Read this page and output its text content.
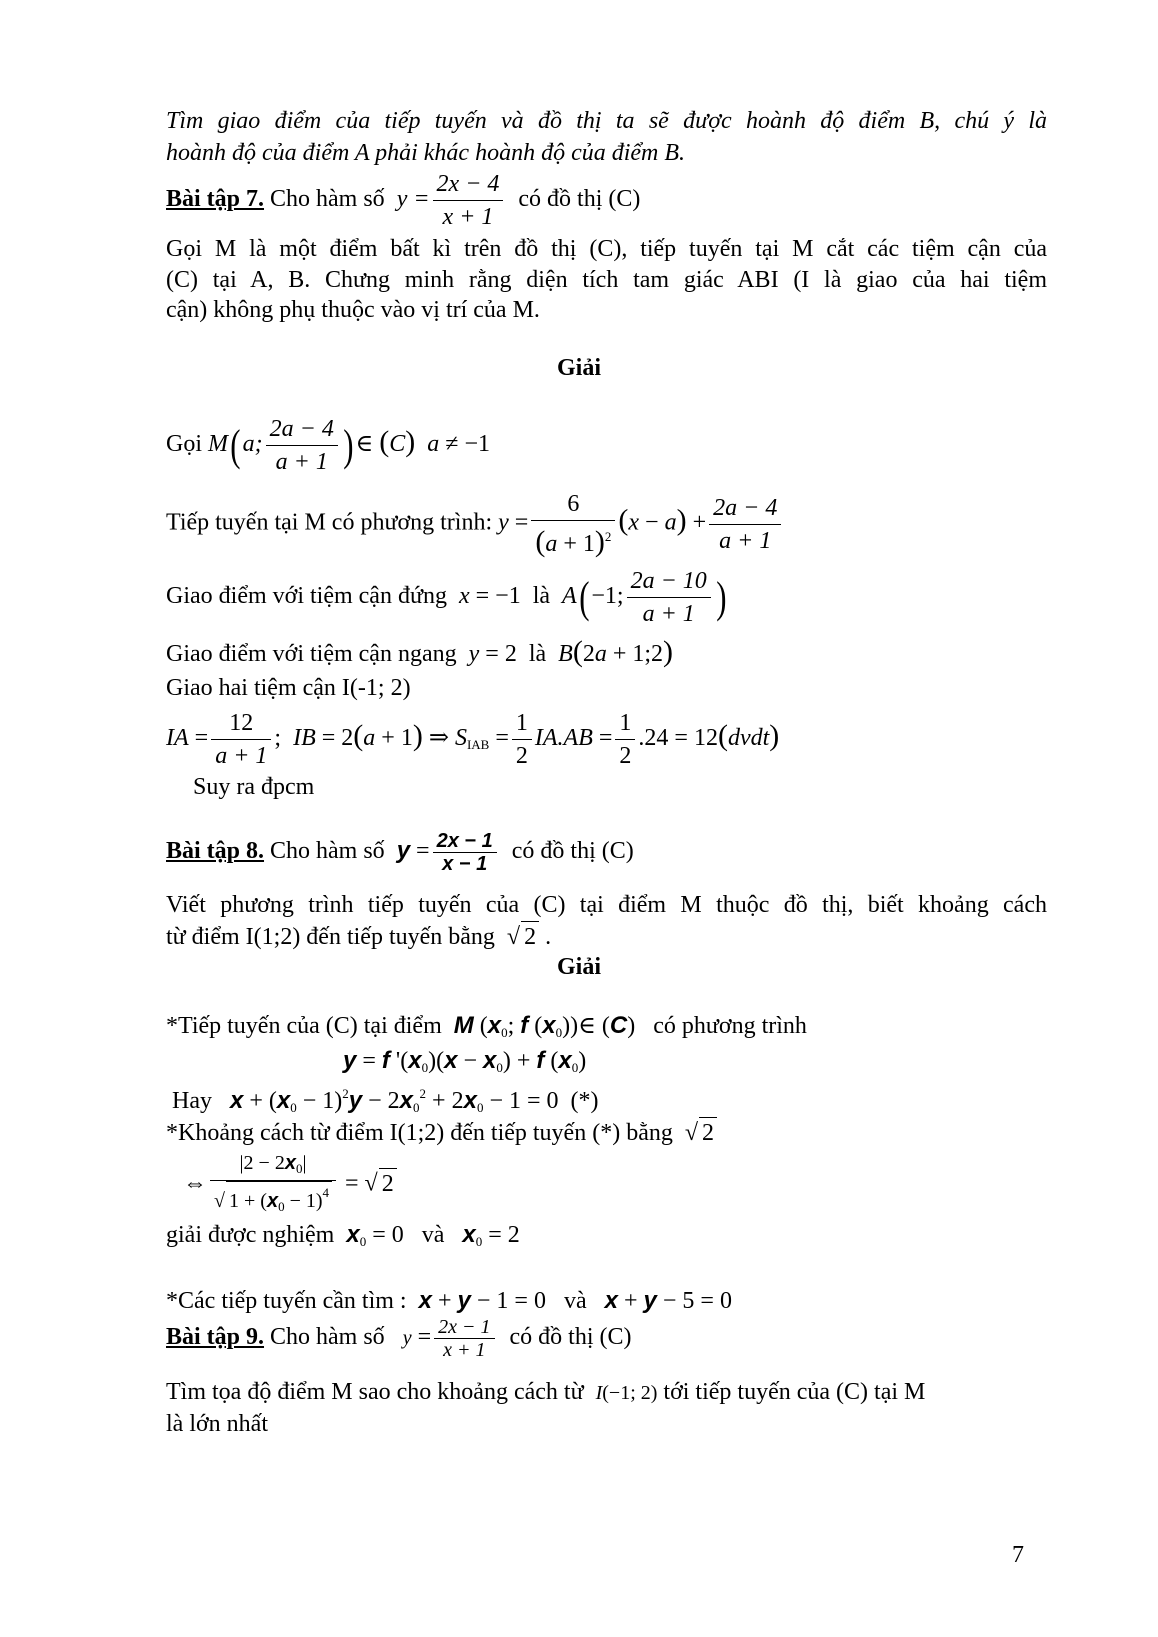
Tìm giao điểm của tiếp tuyến và đồ thị ta sẽ được hoành độ điểm B, chú ý là
hoành độ của điểm A phải khác hoành độ của điểm B.
Bài tập 7. Cho hàm số $y = \frac{2x - 4}{x + 1}$ có đồ thị (C)
Gọi M là một điểm bất kì trên đồ thị (C), tiếp tuyến tại M cắt các tiệm cận của
(C) tại A, B. Chưng minh rằng diện tích tam giác ABI (I là giao của hai tiệm
cận) không phụ thuộc vào vị trí của M.
Giải
Gọi M(a; $\frac{2a - 4}{a + 1}$ )∈ (C) a ≠ −1
Tiếp tuyến tại M có phương trình: $y = \frac{6}{(a + 1)^2} (x - a) + \frac{2a - 4}{a + 1}$
Giao điểm với tiệm cận đứng x = −1  là A(−1; $\frac{2a - 10}{a + 1}$ )
Giao điểm với tiệm cận ngang y = 2  là B(2a + 1;2)
Giao hai tiệm cận I(-1; 2)
IA = $\frac{12}{a + 1}$ ;  IB = 2(a + 1) ⇒ $S_{IAB} = \frac{1}{2} IA.AB = \frac{1}{2} .24$ = 12(dvdt)
Suy ra đpcm
Bài tập 8. Cho hàm số $y = \frac{2x - 1}{x - 1}$ có đồ thị (C)
Viết phương trình tiếp tuyến của (C) tại điểm M thuộc đồ thị, biết khoảng cách
từ điểm I(1;2) đến tiếp tuyến bằng  √ 2 .
Giải
*Tiếp tuyến của (C) tại điểm M ($x_0$; f $(x_0))\in$ (C)   có phương trình
y = f '$(x_0)(x - x_0) + f$ $(x_0)$
Hay $x + (x_0 - 1)^2y - 2x_0^2 + 2x_0 - 1 = 0$  (*)
*Khoảng cách từ điểm I(1;2) đến tiếp tuyến (*) bằng  √ 2
⇔ $\frac{|2 - 2x_0|}{√ 1 + (x_0 - 1)^4}$ = √ 2
giải được nghiệm $x_0 = 0$   và $x_0 = 2$
*Các tiếp tuyến cần tìm : x + y − 1 = 0   và x + y − 5 = 0
Bài tập 9. Cho hàm số $y = \frac{2x - 1}{x + 1}$ có đồ thị (C)
Tìm tọa độ điểm M sao cho khoảng cách từ I(−1; 2) tới tiếp tuyến của (C) tại M
là lớn nhất
7
